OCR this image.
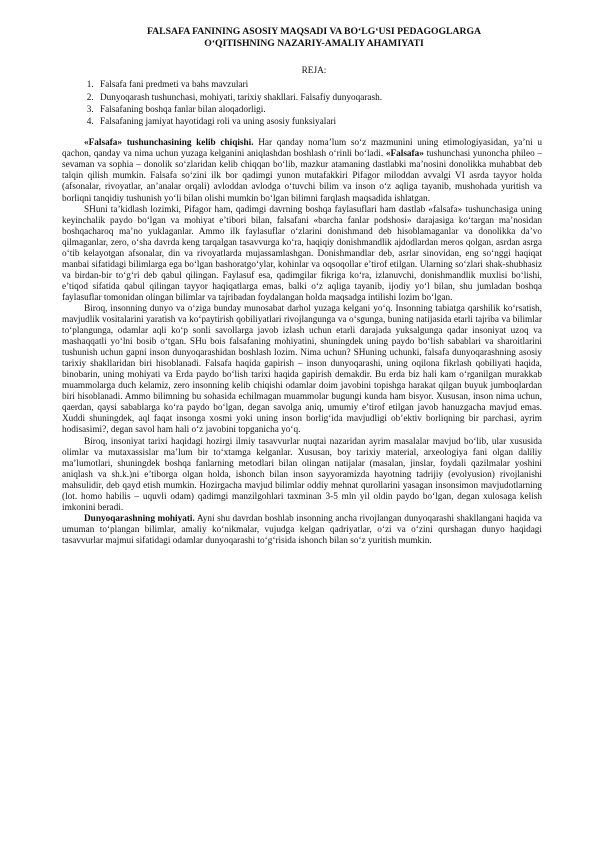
FALSAFA FANINING ASOSIY MAQSADI VA BO‘LG‘USI PEDAGOGLARGA
O‘QITISHNING NAZARIY-AMALIY AHAMIYATI
REJA:
1. Falsafa fani predmeti va bahs mavzulari
2. Dunyoqarash tushunchasi, mohiyati, tarixiy shakllari. Falsafiy dunyoqarash.
3. Falsafaning boshqa fanlar bilan aloqadorligi.
4. Falsafaning jamiyat hayotidagi roli va uning asosiy funksiyalari

«Falsafa» tushunchasining kelib chiqishi. Har qanday noma’lum so‘z mazmunini uning etimologiyasidan, ya’ni u qachon, qanday va nima uchun yuzaga kelganini aniqlashdan boshlash o‘rinli bo‘ladi. «Falsafa» tushunchasi yunoncha phileo – sevaman va sophia – donolik so‘zlaridan kelib chiqqan bo‘lib, mazkur atamaning dastlabki ma’nosini donolikka muhabbat deb talqin qilish mumkin. Falsafa so‘zini ilk bor qadimgi yunon mutafakkiri Pifagor miloddan avvalgi VI asrda tayyor holda (afsonalar, rivoyatlar, an’analar orqali) avloddan avlodga o‘tuvchi bilim va inson o‘z aqliga tayanib, mushohada yuritish va borliqni tanqidiy tushunish yo‘li bilan olishi mumkin bo‘lgan bilimni farqlash maqsadida ishlatgan.

SHuni ta’kidlash lozimki, Pifagor ham, qadimgi davrning boshqa faylasuflari ham dastlab «falsafa» tushunchasiga uning keyinchalik paydo bo‘lgan va mohiyat e’tibori bilan, falsafani «barcha fanlar podshosi» darajasiga ko‘targan ma’nosidan boshqacharoq ma’no yuklaganlar. Ammo ilk faylasuflar o‘zlarini donishmand deb hisoblamaganlar va donolikka da’vo qilmaganlar, zero, o‘sha davrda keng tarqalgan tasavvurga ko‘ra, haqiqiy donishmandlik ajdodlardan meros qolgan, asrdan asrga o‘tib kelayotgan afsonalar, din va rivoyatlarda mujassamlashgan. Donishmandlar deb, asrlar sinovidan, eng so‘nggi haqiqat manbai sifatidagi bilimlarga ega bo‘lgan bashoratgo‘ylar, kohinlar va oqsoqollar e’tirof etilgan. Ularning so‘zlari shak-shubhasiz va birdan-bir to‘g‘ri deb qabul qilingan. Faylasuf esa, qadimgilar fikriga ko‘ra, izlanuvchi, donishmandlik muxlisi bo‘lishi, e’tiqod sifatida qabul qilingan tayyor haqiqatlarga emas, balki o‘z aqliga tayanib, ijodiy yo‘l bilan, shu jumladan boshqa faylasuflar tomonidan olingan bilimlar va tajribadan foydalangan holda maqsadga intilishi lozim bo‘lgan.

Biroq, insonning dunyo va o‘ziga bunday munosabat darhol yuzaga kelgani yo‘q. Insonning tabiatga qarshilik ko‘rsatish, mavjudlik vositalarini yaratish va ko‘paytirish qobiliyatlari rivojlangunga va o‘sgunga, buning natijasida etarli tajriba va bilimlar to‘plangunga, odamlar aqli ko‘p sonli savollarga javob izlash uchun etarli darajada yuksalgunga qadar insoniyat uzoq va mashaqqatli yo‘lni bosib o‘tgan. SHu bois falsafaning mohiyatini, shuningdek uning paydo bo‘lish sabablari va sharoitlarini tushunish uchun gapni inson dunyoqarashidan boshlash lozim. Nima uchun? SHuning uchunki, falsafa dunyoqarashning asosiy tarixiy shakllaridan biri hisoblanadi. Falsafa haqida gapirish – inson dunyoqarashi, uning oqilona fikrlash qobiliyati haqida, binobarin, uning mohiyati va Erda paydo bo‘lish tarixi haqida gapirish demakdir. Bu erda biz hali kam o‘rganilgan murakkab muammolarga duch kelamiz, zero insonning kelib chiqishi odamlar doim javobini topishga harakat qilgan buyuk jumboqlardan biri hisoblanadi. Ammo bilimning bu sohasida echilmagan muammolar bugungi kunda ham bisyor. Xususan, inson nima uchun, qaerdan, qaysi sabablarga ko‘ra paydo bo‘lgan, degan savolga aniq, umumiy e’tirof etilgan javob hanuzgacha mavjud emas. Xuddi shuningdek, aql faqat insonga xosmi yoki uning inson borlig‘ida mavjudligi ob’ektiv borliqning bir parchasi, ayrim hodisasimi?, degan savol ham hali o‘z javobini topganicha yo‘q.

Biroq, insoniyat tarixi haqidagi hozirgi ilmiy tasavvurlar nuqtai nazaridan ayrim masalalar mavjud bo‘lib, ular xususida olimlar va mutaxassislar ma’lum bir to‘xtamga kelganlar. Xususan, boy tarixiy material, arxeologiya fani olgan daliliy ma’lumotlari, shuningdek boshqa fanlarning metodlari bilan olingan natijalar (masalan, jinslar, foydali qazilmalar yoshini aniqlash va sh.k.)ni e’tiborga olgan holda, ishonch bilan inson sayyoramizda hayotning tadrijiy (evolyusion) rivojlanishi mahsulidir, deb qayd etish mumkin. Hozirgacha mavjud bilimlar oddiy mehnat qurollarini yasagan insonsimon mavjudotlarning (lot. homo habilis – uquvli odam) qadimgi manzilgohlari taxminan 3-5 mln yil oldin paydo bo‘lgan, degan xulosaga kelish imkonini beradi.

Dunyoqarashning mohiyati. Ayni shu davrdan boshlab insonning ancha rivojlangan dunyoqarashi shakllangani haqida va umuman to‘plangan bilimlar, amaliy ko‘nikmalar, vujudga kelgan qadriyatlar, o‘zi va o‘zini qurshagan dunyo haqidagi tasavvurlar majmui sifatidagi odamlar dunyoqarashi to‘g‘risida ishonch bilan so‘z yuritish mumkin.
